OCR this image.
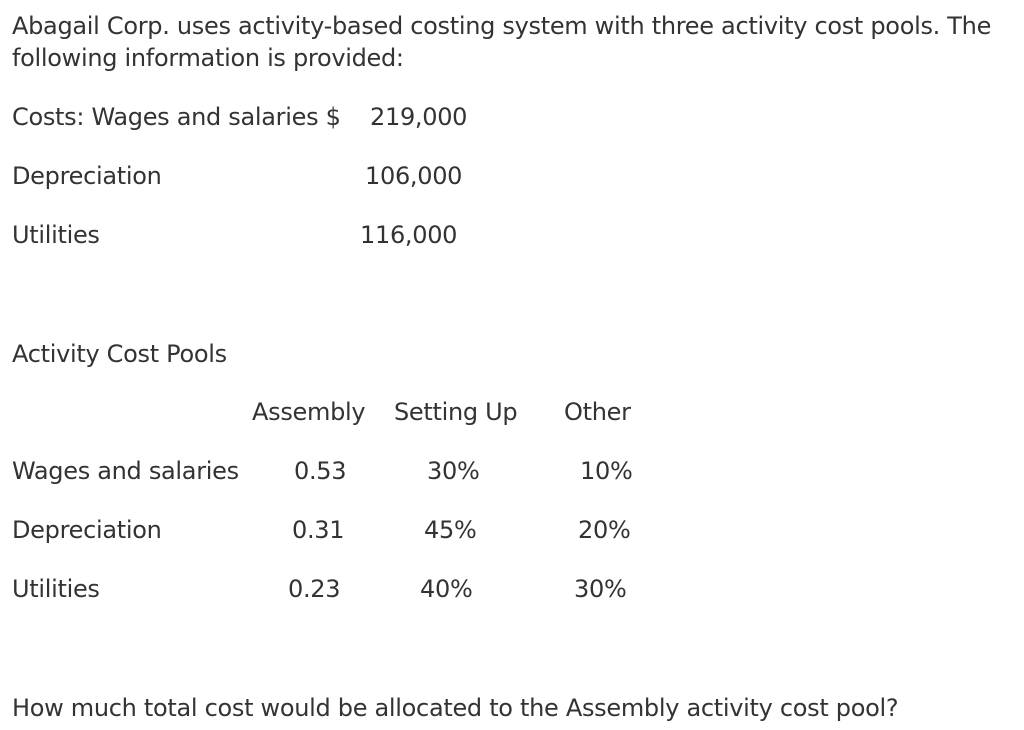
Abagail Corp. uses activity-based costing system with three activity cost pools. The following information is provided:
Costs: Wages and salaries $ 219,000
Depreciation	106,000
Utilities	116,000
Activity Cost Pools
Assembly Setting Up Other
Wages and salaries 0.53	30%	10%
Depreciation	0.31	45%	20%
Utilities	0.23	40%	30%
How much total cost would be allocated to the Assembly activity cost pool?
